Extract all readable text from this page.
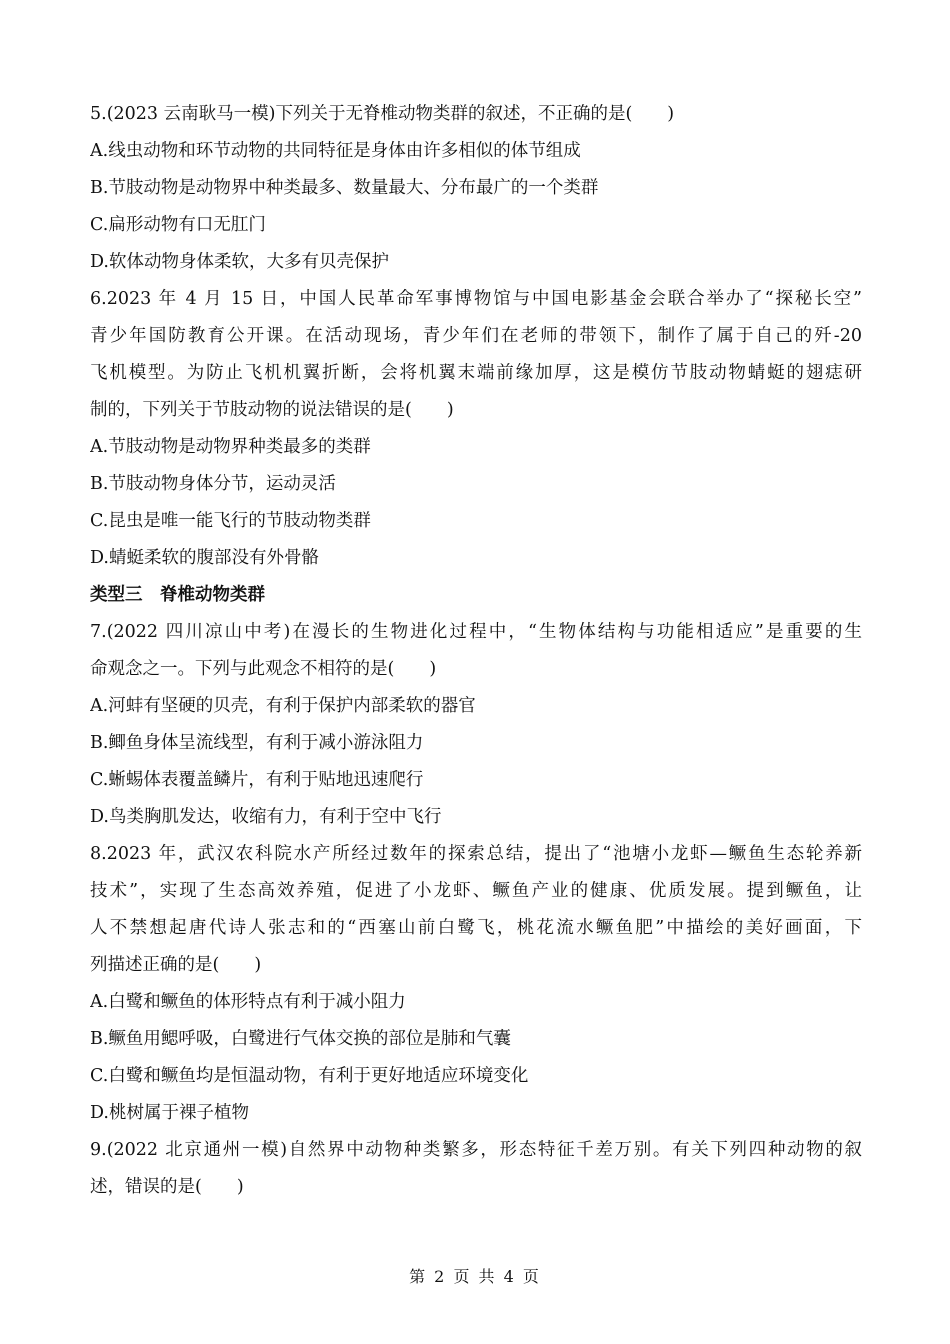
5.(2023 云南耿马一模)下列关于无脊椎动物类群的叙述，不正确的是(　　)
A.线虫动物和环节动物的共同特征是身体由许多相似的体节组成
B.节肢动物是动物界中种类最多、数量最大、分布最广的一个类群
C.扁形动物有口无肛门
D.软体动物身体柔软，大多有贝壳保护
6.2023 年 4 月 15 日，中国人民革命军事博物馆与中国电影基金会联合举办了“探秘长空”
青少年国防教育公开课。在活动现场，青少年们在老师的带领下，制作了属于自己的歼-20
飞机模型。为防止飞机机翼折断，会将机翼末端前缘加厚，这是模仿节肢动物蜻蜓的翅痣研
制的，下列关于节肢动物的说法错误的是(　　)
A.节肢动物是动物界种类最多的类群
B.节肢动物身体分节，运动灵活
C.昆虫是唯一能飞行的节肢动物类群
D.蜻蜓柔软的腹部没有外骨骼
类型三　脊椎动物类群
7.(2022 四川凉山中考)在漫长的生物进化过程中，“生物体结构与功能相适应”是重要的生
命观念之一。下列与此观念不相符的是(　　)
A.河蚌有坚硬的贝壳，有利于保护内部柔软的器官
B.鲫鱼身体呈流线型，有利于减小游泳阻力
C.蜥蜴体表覆盖鳞片，有利于贴地迅速爬行
D.鸟类胸肌发达，收缩有力，有利于空中飞行
8.2023 年，武汉农科院水产所经过数年的探索总结，提出了“池塘小龙虾—鳜鱼生态轮养新
技术”，实现了生态高效养殖，促进了小龙虾、鳜鱼产业的健康、优质发展。提到鳜鱼，让
人不禁想起唐代诗人张志和的“西塞山前白鹭飞，桃花流水鳜鱼肥”中描绘的美好画面，下
列描述正确的是(　　)
A.白鹭和鳜鱼的体形特点有利于减小阻力
B.鳜鱼用鳃呼吸，白鹭进行气体交换的部位是肺和气囊
C.白鹭和鳜鱼均是恒温动物，有利于更好地适应环境变化
D.桃树属于裸子植物
9.(2022 北京通州一模)自然界中动物种类繁多，形态特征千差万别。有关下列四种动物的叙
述，错误的是(　　)
第 2 页 共 4 页
